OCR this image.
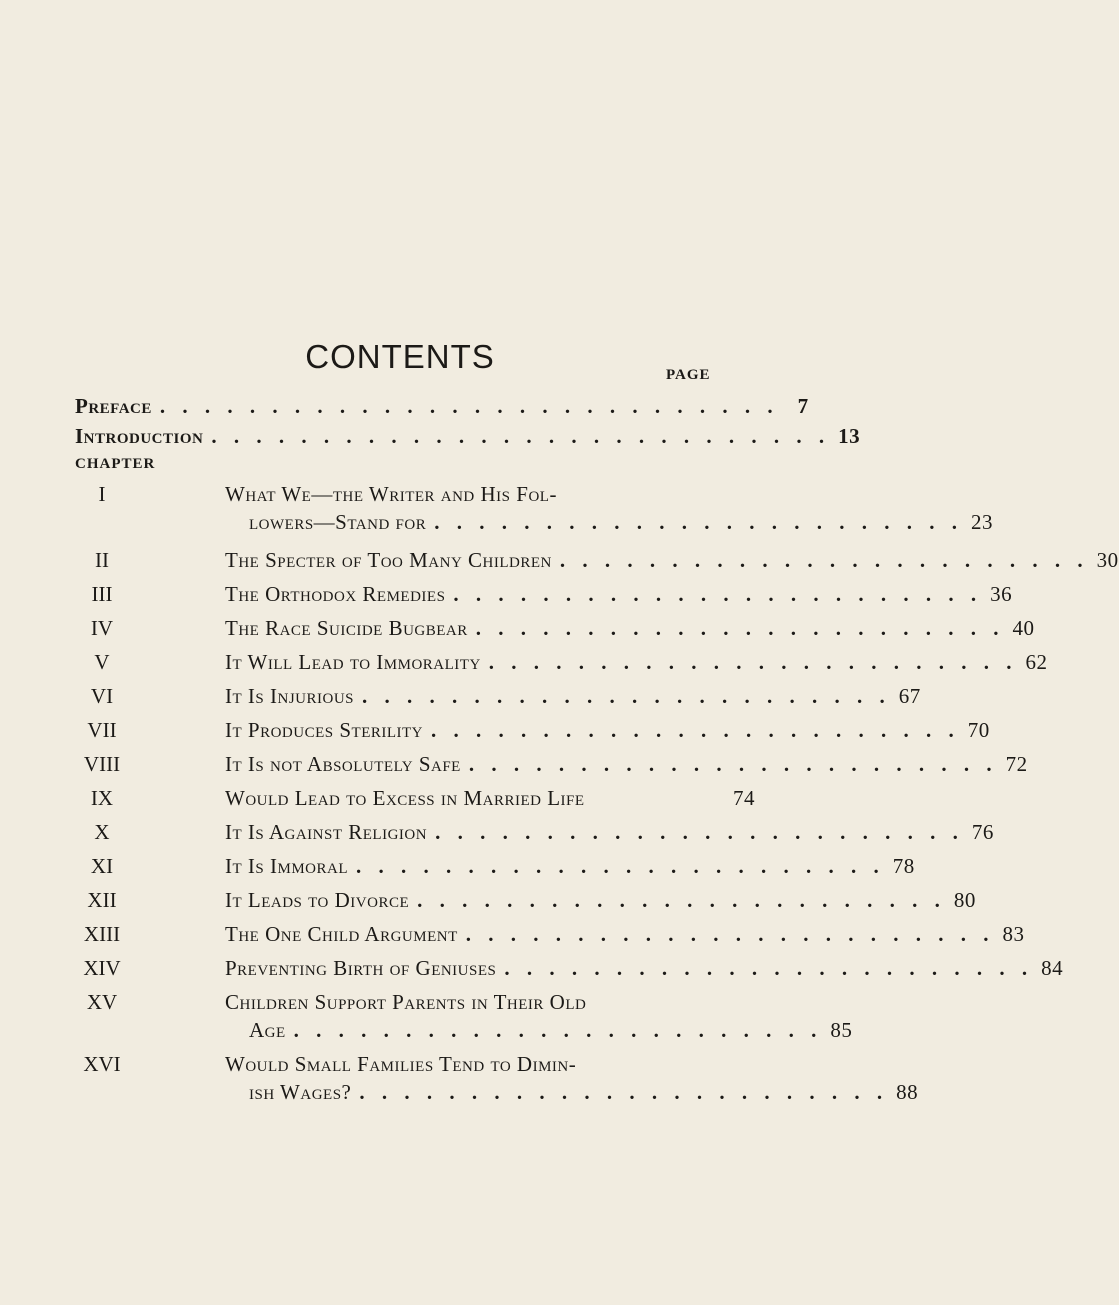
CONTENTS	PAGE
Preface . . . . . . . . . . . . . . . . . . . . . . . . . . . . 7
Introduction . . . . . . . . . . . . . . . . . . . . . . . . . . . . 13
CHAPTER
I	What We—the Writer and His Fol-
lowers—Stand for . . . . . . . . . . . . . . . . . . . . . . . . 23
II	The Specter of Too Many Children . . . . . . . . . . . . . . . . . . . . . . . . 30
III	The Orthodox Remedies . . . . . . . . . . . . . . . . . . . . . . . . 36
IV	The Race Suicide Bugbear . . . . . . . . . . . . . . . . . . . . . . . . 40
V	It Will Lead to Immorality . . . . . . . . . . . . . . . . . . . . . . . . 62
VI	It Is Injurious . . . . . . . . . . . . . . . . . . . . . . . . 67
VII	It Produces Sterility . . . . . . . . . . . . . . . . . . . . . . . . 70
VIII	It Is not Absolutely Safe . . . . . . . . . . . . . . . . . . . . . . . . 72
IX	Would Lead to Excess in Married Life	74
X	It Is Against Religion . . . . . . . . . . . . . . . . . . . . . . . . 76
XI	It Is Immoral . . . . . . . . . . . . . . . . . . . . . . . . 78
XII	It Leads to Divorce . . . . . . . . . . . . . . . . . . . . . . . . 80
XIII	The One Child Argument . . . . . . . . . . . . . . . . . . . . . . . . 83
XIV	Preventing Birth of Geniuses . . . . . . . . . . . . . . . . . . . . . . . . 84
XV	Children Support Parents in Their Old
Age . . . . . . . . . . . . . . . . . . . . . . . . 85
XVI	Would Small Families Tend to Dimin-
ish Wages? . . . . . . . . . . . . . . . . . . . . . . . . 88
